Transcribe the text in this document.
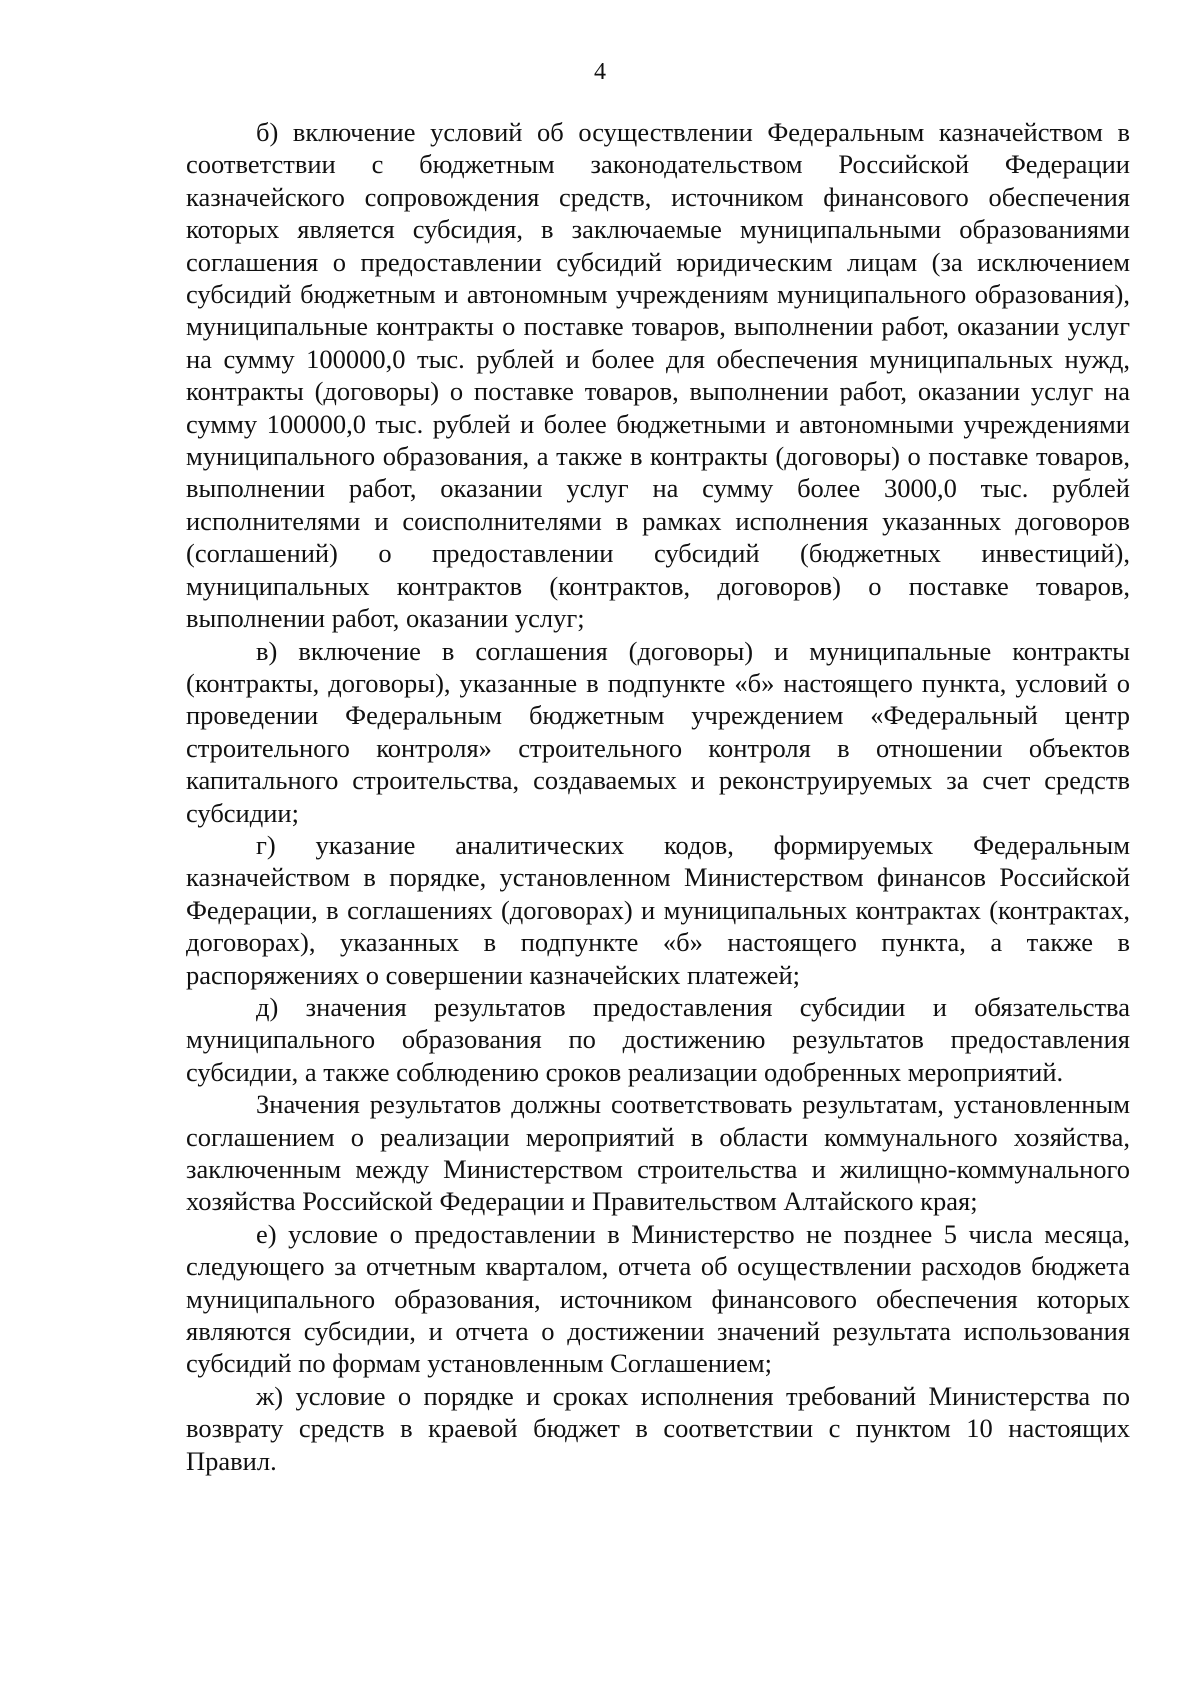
4

б) включение условий об осуществлении Федеральным казначейством в соответствии с бюджетным законодательством Российской Федерации казначейского сопровождения средств, источником финансового обеспечения которых является субсидия, в заключаемые муниципальными образованиями соглашения о предоставлении субсидий юридическим лицам (за исключением субсидий бюджетным и автономным учреждениям муниципального образования), муниципальные контракты о поставке товаров, выполнении работ, оказании услуг на сумму 100000,0 тыс. рублей и более для обеспечения муниципальных нужд, контракты (договоры) о поставке товаров, выполнении работ, оказании услуг на сумму 100000,0 тыс. рублей и более бюджетными и автономными учреждениями муниципального образования, а также в контракты (договоры) о поставке товаров, выполнении работ, оказании услуг на сумму более 3000,0 тыс. рублей исполнителями и соисполнителями в рамках исполнения указанных договоров (соглашений) о предоставлении субсидий (бюджетных инвестиций), муниципальных контрактов (контрактов, договоров) о поставке товаров, выполнении работ, оказании услуг;

в) включение в соглашения (договоры) и муниципальные контракты (контракты, договоры), указанные в подпункте «б» настоящего пункта, условий о проведении Федеральным бюджетным учреждением «Федеральный центр строительного контроля» строительного контроля в отношении объектов капитального строительства, создаваемых и реконструируемых за счет средств субсидии;

г) указание аналитических кодов, формируемых Федеральным казначейством в порядке, установленном Министерством финансов Российской Федерации, в соглашениях (договорах) и муниципальных контрактах (контрактах, договорах), указанных в подпункте «б» настоящего пункта, а также в распоряжениях о совершении казначейских платежей;

д) значения результатов предоставления субсидии и обязательства муниципального образования по достижению результатов предоставления субсидии, а также соблюдению сроков реализации одобренных мероприятий.

Значения результатов должны соответствовать результатам, установленным соглашением о реализации мероприятий в области коммунального хозяйства, заключенным между Министерством строительства и жилищно-коммунального хозяйства Российской Федерации и Правительством Алтайского края;

е) условие о предоставлении в Министерство не позднее 5 числа месяца, следующего за отчетным кварталом, отчета об осуществлении расходов бюджета муниципального образования, источником финансового обеспечения которых являются субсидии, и отчета о достижении значений результата использования субсидий по формам установленным Соглашением;

ж) условие о порядке и сроках исполнения требований Министерства по возврату средств в краевой бюджет в соответствии с пунктом 10 настоящих Правил.
